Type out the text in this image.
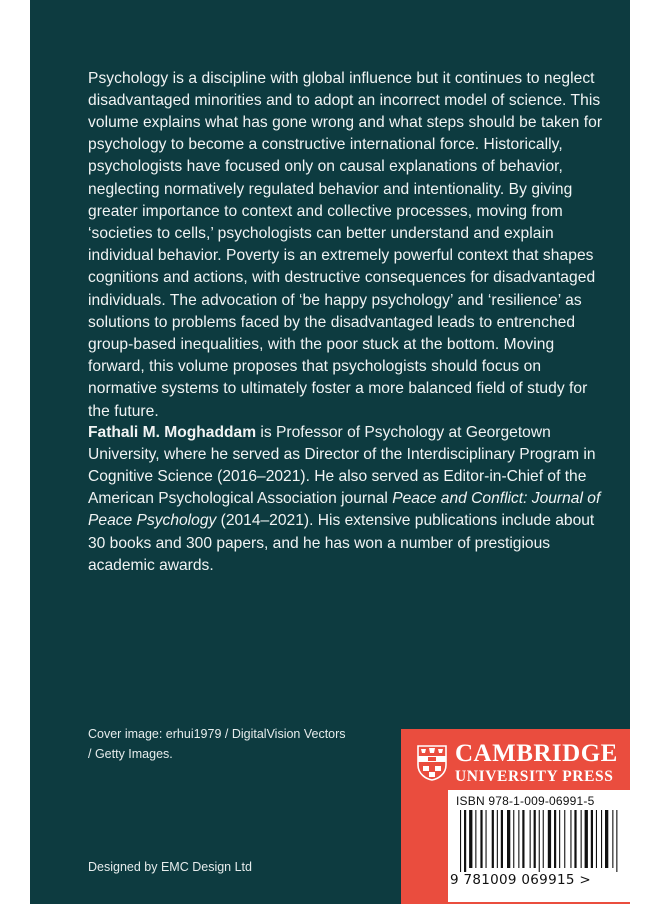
Psychology is a discipline with global influence but it continues to neglect disadvantaged minorities and to adopt an incorrect model of science. This volume explains what has gone wrong and what steps should be taken for psychology to become a constructive international force. Historically, psychologists have focused only on causal explanations of behavior, neglecting normatively regulated behavior and intentionality. By giving greater importance to context and collective processes, moving from ‘societies to cells,’ psychologists can better understand and explain individual behavior. Poverty is an extremely powerful context that shapes cognitions and actions, with destructive consequences for disadvantaged individuals. The advocation of ‘be happy psychology’ and ‘resilience’ as solutions to problems faced by the disadvantaged leads to entrenched group-based inequalities, with the poor stuck at the bottom. Moving forward, this volume proposes that psychologists should focus on normative systems to ultimately foster a more balanced field of study for the future.

Fathali M. Moghaddam is Professor of Psychology at Georgetown University, where he served as Director of the Interdisciplinary Program in Cognitive Science (2016–2021). He also served as Editor-in-Chief of the American Psychological Association journal Peace and Conflict: Journal of Peace Psychology (2014–2021). His extensive publications include about 30 books and 300 papers, and he has won a number of prestigious academic awards.

Cover image: erhui1979 / DigitalVision Vectors / Getty Images.
Designed by EMC Design Ltd
CAMBRIDGE
UNIVERSITY PRESS
ISBN 978-1-009-06991-5
9 781009 069915 >
